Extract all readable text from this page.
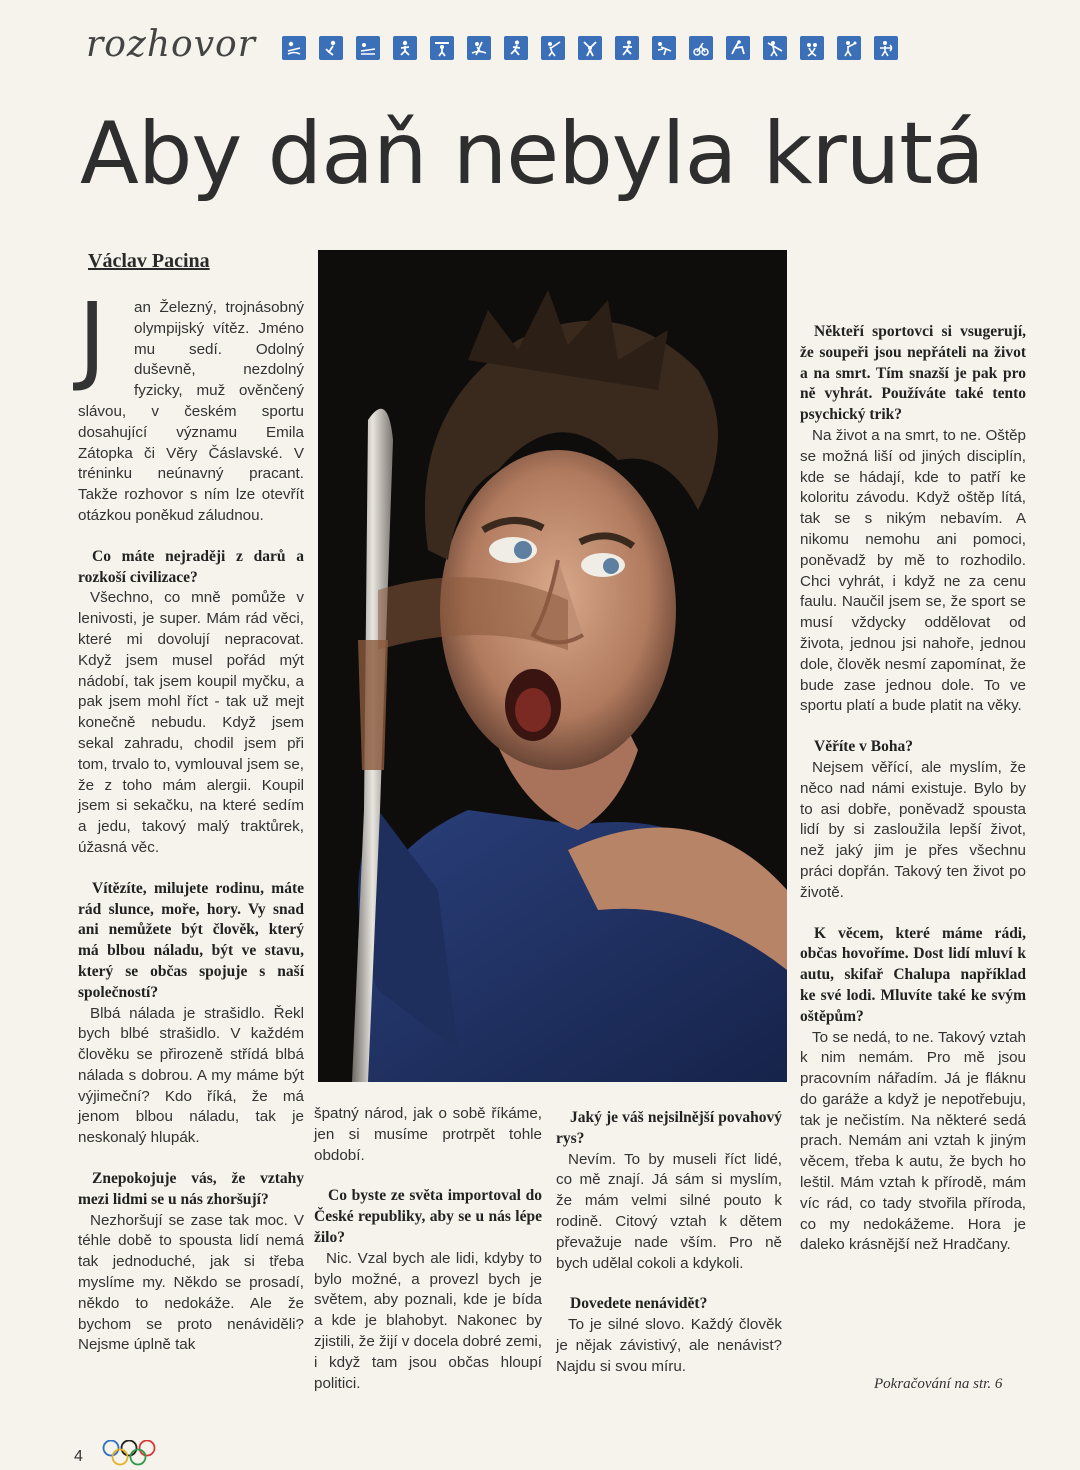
rozhovor
Aby daň nebyla krutá
Václav Pacina
J	an Železný, trojnásobný olympijský vítěz. Jméno mu sedí. Odolný duševně, nezdolný fyzicky, muž ověnčený slávou, v českém sportu dosahující významu Emila Zátopka či Věry Čáslavské. V tréninku neúnavný pracant. Takže rozhovor s ním lze otevřít otázkou poněkud záludnou.

Co máte nejraději z darů a rozkoší civilizace?

Všechno, co mně pomůže v lenivosti, je super. Mám rád věci, které mi dovolují nepracovat. Když jsem musel pořád mýt nádobí, tak jsem koupil myčku, a pak jsem mohl říct - tak už mejt konečně nebudu. Když jsem sekal zahradu, chodil jsem při tom, trvalo to, vymlouval jsem se, že z toho mám alergii. Koupil jsem si sekačku, na které sedím a jedu, takový malý traktůrek, úžasná věc.

Vítězíte, milujete rodinu, máte rád slunce, moře, hory. Vy snad ani nemůžete být člověk, který má blbou náladu, být ve stavu, který se občas spojuje s naší společností?

Blbá nálada je strašidlo. Řekl bych blbé strašidlo. V každém člověku se přirozeně střídá blbá nálada s dobrou. A my máme být výjimeční? Kdo říká, že má jenom blbou náladu, tak je neskonalý hlupák.

Znepokojuje vás, že vztahy mezi lidmi se u nás zhoršují?

Nezhoršují se zase tak moc. V téhle době to spousta lidí nemá tak jednoduché, jak si třeba myslíme my. Někdo se prosadí, někdo to nedokáže. Ale že bychom se proto nenáviděli? Nejsme úplně tak

špatný národ, jak o sobě říkáme, jen si musíme protrpět tohle období.

Co byste ze světa importoval do České republiky, aby se u nás lépe žilo?

Nic. Vzal bych ale lidi, kdyby to bylo možné, a provezl bych je světem, aby poznali, kde je bída a kde je blahobyt. Nakonec by zjistili, že žijí v docela dobré zemi, i když tam jsou občas hloupí politici.

Jaký je váš nejsilnější povahový rys?

Nevím. To by museli říct lidé, co mě znají. Já sám si myslím, že mám velmi silné pouto k rodině. Citový vztah k dětem převažuje nade vším. Pro ně bych udělal cokoli a kdykoli.

Dovedete nenávidět?

To je silné slovo. Každý člověk je nějak závistivý, ale nenávist? Najdu si svou míru.

Někteří sportovci si vsugerují, že soupeři jsou nepřáteli na život a na smrt. Tím snazší je pak pro ně vyhrát. Používáte také tento psychický trik?

Na život a na smrt, to ne. Oštěp se možná liší od jiných disciplín, kde se hádají, kde to patří ke koloritu závodu. Když oštěp lítá, tak se s nikým nebavím. A nikomu nemohu ani pomoci, poněvadž by mě to rozhodilo. Chci vyhrát, i když ne za cenu faulu. Naučil jsem se, že sport se musí vždycky oddělovat od života, jednou jsi nahoře, jednou dole, člověk nesmí zapomínat, že bude zase jednou dole. To ve sportu platí a bude platit na věky.

Věříte v Boha?

Nejsem věřící, ale myslím, že něco nad námi existuje. Bylo by to asi dobře, poněvadž spousta lidí by si zasloužila lepší život, než jaký jim je přes všechnu práci dopřán. Takový ten život po životě.

K věcem, které máme rádi, občas hovoříme. Dost lidí mluví k autu, skifař Chalupa například ke své lodi. Mluvíte také ke svým oštěpům?

To se nedá, to ne. Takový vztah k nim nemám. Pro mě jsou pracovním nářadím. Já je fláknu do garáže a když je nepotřebuju, tak je nečistím. Na některé sedá prach. Nemám ani vztah k jiným věcem, třeba k autu, že bych ho leštil. Mám vztah k přírodě, mám víc rád, co tady stvořila příroda, co my nedokážeme. Hora je daleko krásnější než Hradčany.

Pokračování na str. 6
4
